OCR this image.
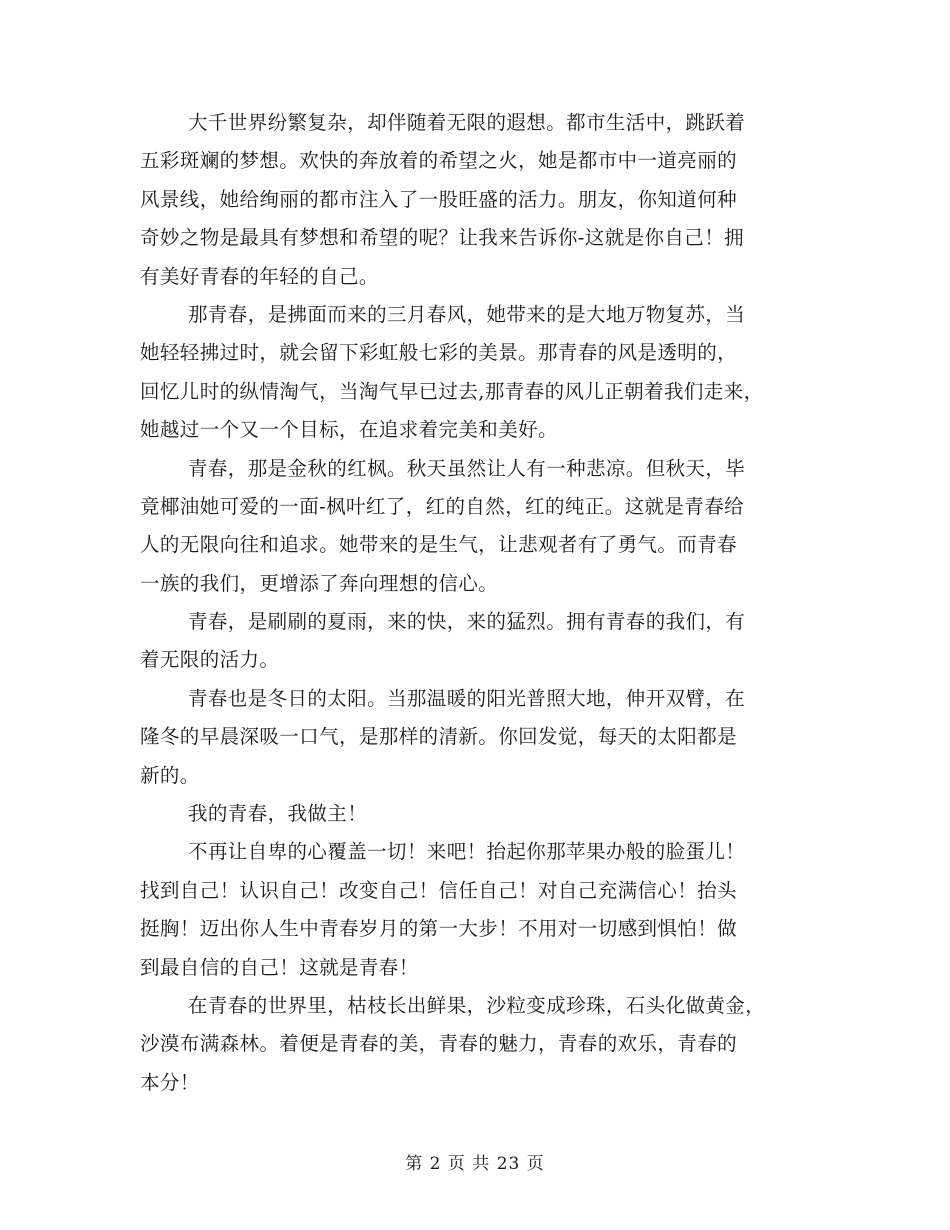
大千世界纷繁复杂，却伴随着无限的遐想。都市生活中，跳跃着
五彩斑斓的梦想。欢快的奔放着的希望之火，她是都市中一道亮丽的
风景线，她给绚丽的都市注入了一股旺盛的活力。朋友，你知道何种
奇妙之物是最具有梦想和希望的呢？让我来告诉你-这就是你自己！拥
有美好青春的年轻的自己。
那青春，是拂面而来的三月春风，她带来的是大地万物复苏，当
她轻轻拂过时，就会留下彩虹般七彩的美景。那青春的风是透明的，
回忆儿时的纵情淘气，当淘气早已过去,那青春的风儿正朝着我们走来，
她越过一个又一个目标，在追求着完美和美好。
青春，那是金秋的红枫。秋天虽然让人有一种悲凉。但秋天，毕
竟椰油她可爱的一面-枫叶红了，红的自然，红的纯正。这就是青春给
人的无限向往和追求。她带来的是生气，让悲观者有了勇气。而青春
一族的我们，更增添了奔向理想的信心。
青春，是刷刷的夏雨，来的快，来的猛烈。拥有青春的我们，有
着无限的活力。
青春也是冬日的太阳。当那温暖的阳光普照大地，伸开双臂，在
隆冬的早晨深吸一口气，是那样的清新。你回发觉，每天的太阳都是
新的。
我的青春，我做主！
不再让自卑的心覆盖一切！来吧！抬起你那苹果办般的脸蛋儿！
找到自己！认识自己！改变自己！信任自己！对自己充满信心！抬头
挺胸！迈出你人生中青春岁月的第一大步！不用对一切感到惧怕！做
到最自信的自己！这就是青春！
在青春的世界里，枯枝长出鲜果，沙粒变成珍珠，石头化做黄金，
沙漠布满森林。着便是青春的美，青春的魅力，青春的欢乐，青春的
本分！
第 2 页 共 23 页
